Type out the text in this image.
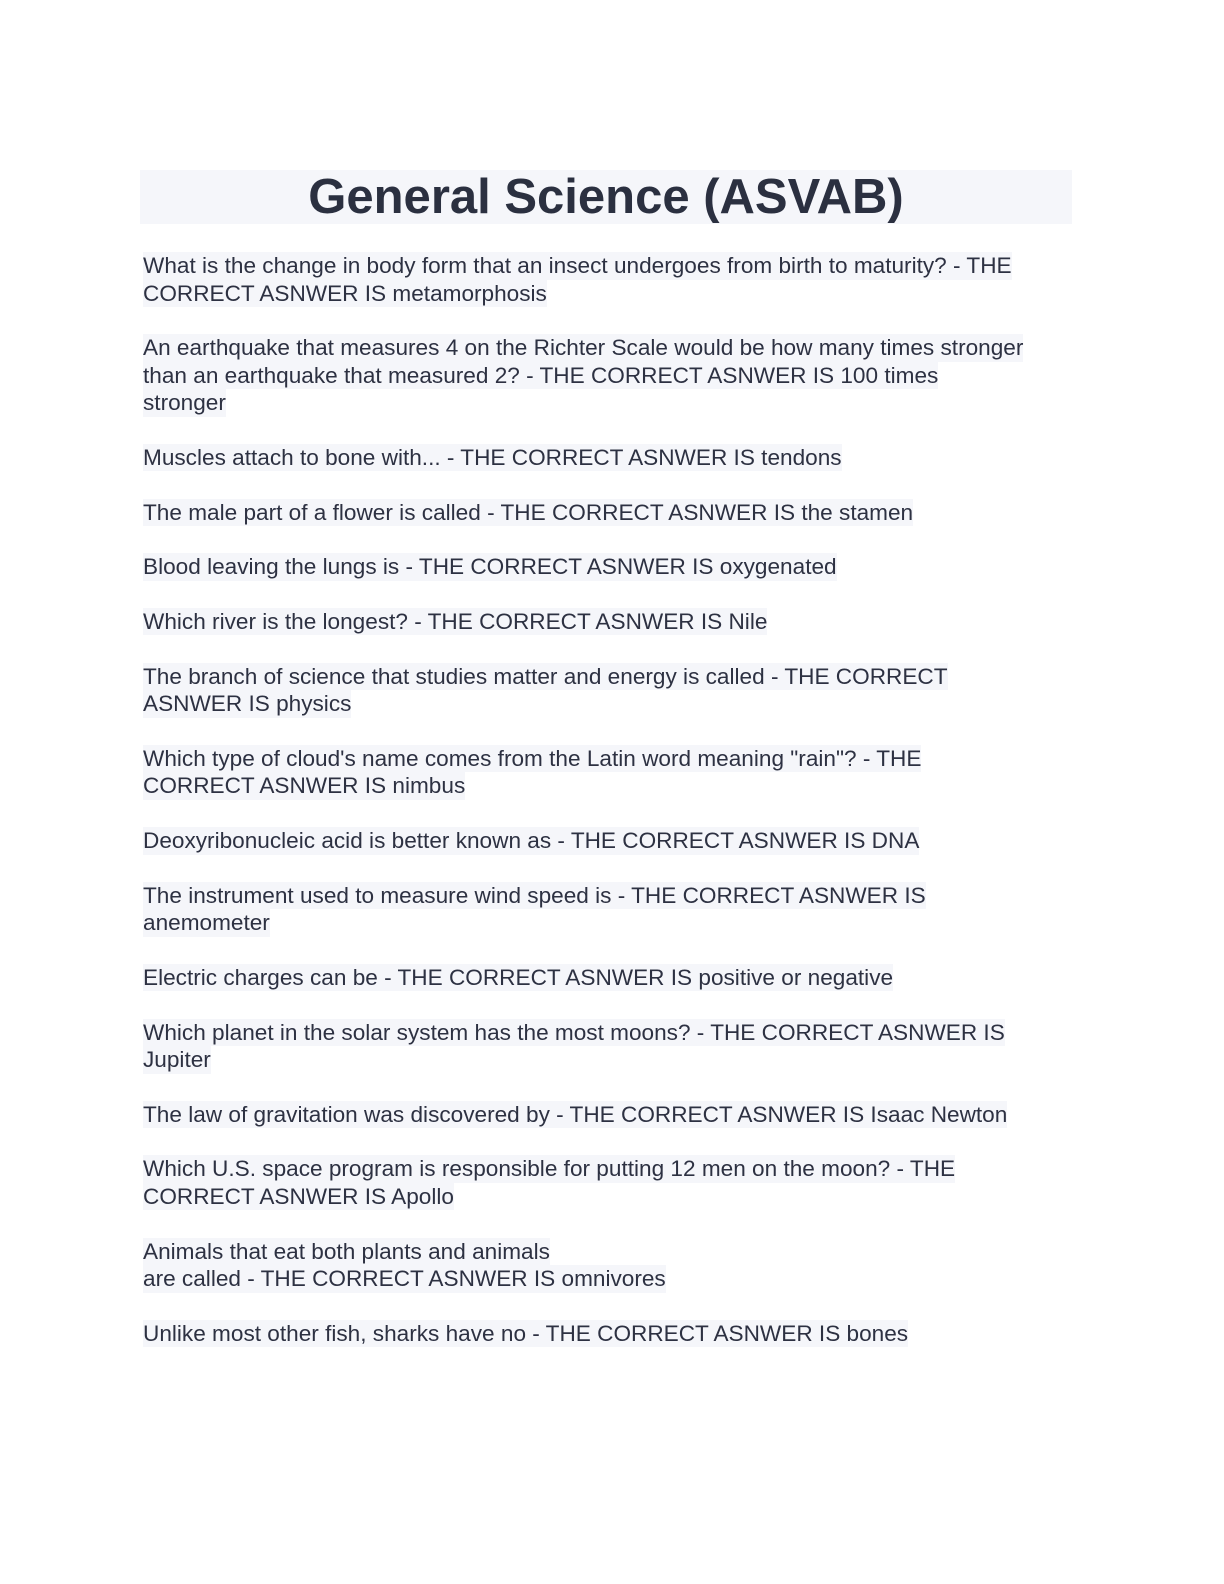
General Science (ASVAB)
What is the change in body form that an insect undergoes from birth to maturity? - THE
CORRECT ASNWER IS metamorphosis
An earthquake that measures 4 on the Richter Scale would be how many times stronger
than an earthquake that measured 2? - THE CORRECT ASNWER IS 100 times
stronger
Muscles attach to bone with... - THE CORRECT ASNWER IS tendons
The male part of a flower is called - THE CORRECT ASNWER IS the stamen
Blood leaving the lungs is - THE CORRECT ASNWER IS oxygenated
Which river is the longest? - THE CORRECT ASNWER IS Nile
The branch of science that studies matter and energy is called - THE CORRECT
ASNWER IS physics
Which type of cloud's name comes from the Latin word meaning "rain"? - THE
CORRECT ASNWER IS nimbus
Deoxyribonucleic acid is better known as - THE CORRECT ASNWER IS DNA
The instrument used to measure wind speed is - THE CORRECT ASNWER IS
anemometer
Electric charges can be - THE CORRECT ASNWER IS positive or negative
Which planet in the solar system has the most moons? - THE CORRECT ASNWER IS
Jupiter
The law of gravitation was discovered by - THE CORRECT ASNWER IS Isaac Newton
Which U.S. space program is responsible for putting 12 men on the moon? - THE
CORRECT ASNWER IS Apollo
Animals that eat both plants and animals
are called - THE CORRECT ASNWER IS omnivores
Unlike most other fish, sharks have no - THE CORRECT ASNWER IS bones
